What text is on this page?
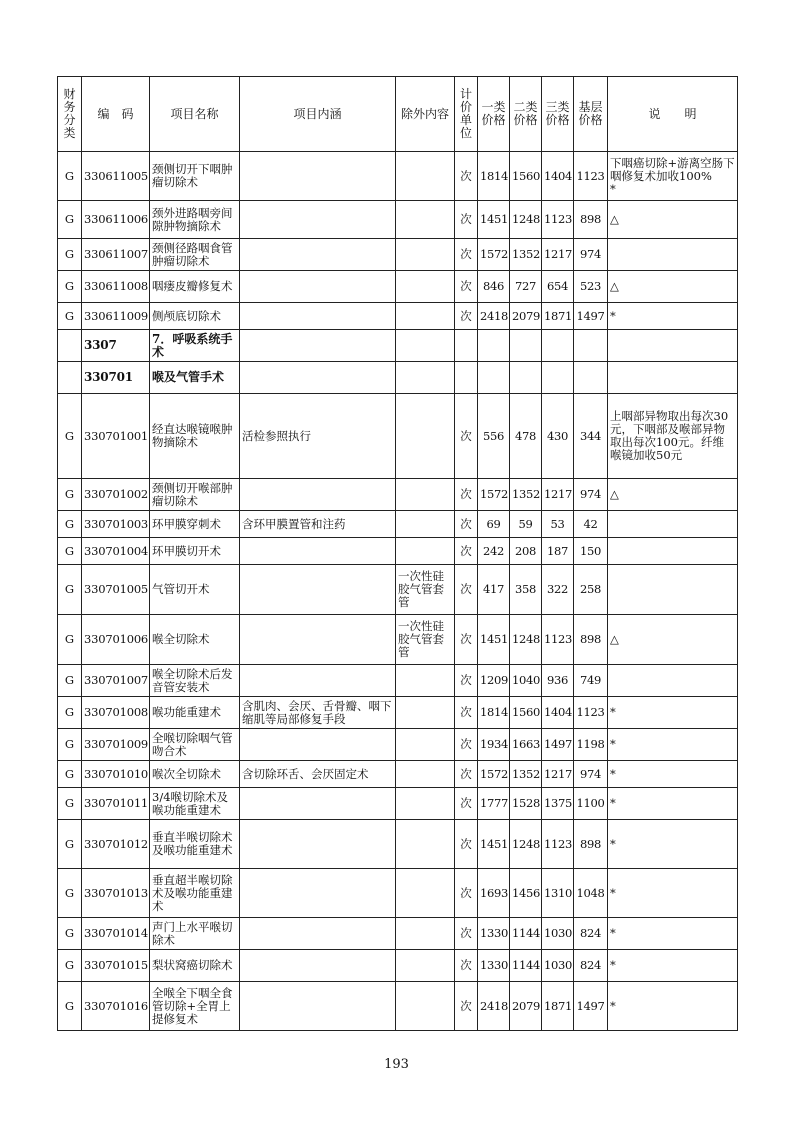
财务分类	编　码	项目名称	项目内涵	除外内容	计价单位	一类价格	二类价格	三类价格	基层价格	说　　明
G	330611005	颈侧切开下咽肿瘤切除术			次	1814	1560	1404	1123	下咽癌切除+游离空肠下咽修复术加收100%　　*
G	330611006	颈外进路咽旁间隙肿物摘除术			次	1451	1248	1123	898	△
G	330611007	颈侧径路咽食管肿瘤切除术			次	1572	1352	1217	974	
G	330611008	咽瘘皮瓣修复术			次	846	727	654	523	△
G	330611009	侧颅底切除术			次	2418	2079	1871	1497	*
	3307	7．呼吸系统手术								
	330701	喉及气管手术								
G	330701001	经直达喉镜喉肿物摘除术	活检参照执行		次	556	478	430	344	上咽部异物取出每次30元，下咽部及喉部异物取出每次100元。纤维喉镜加收50元
G	330701002	颈侧切开喉部肿瘤切除术			次	1572	1352	1217	974	△
G	330701003	环甲膜穿刺术	含环甲膜置管和注药		次	69	59	53	42	
G	330701004	环甲膜切开术			次	242	208	187	150	
G	330701005	气管切开术		一次性硅胶气管套管	次	417	358	322	258	
G	330701006	喉全切除术		一次性硅胶气管套管	次	1451	1248	1123	898	△
G	330701007	喉全切除术后发音管安装术			次	1209	1040	936	749	
G	330701008	喉功能重建术	含肌肉、会厌、舌骨瓣、咽下缩肌等局部修复手段		次	1814	1560	1404	1123	*
G	330701009	全喉切除咽气管吻合术			次	1934	1663	1497	1198	*
G	330701010	喉次全切除术	含切除环舌、会厌固定术		次	1572	1352	1217	974	*
G	330701011	3/4喉切除术及喉功能重建术			次	1777	1528	1375	1100	*
G	330701012	垂直半喉切除术及喉功能重建术			次	1451	1248	1123	898	*
G	330701013	垂直超半喉切除术及喉功能重建术			次	1693	1456	1310	1048	*
G	330701014	声门上水平喉切除术			次	1330	1144	1030	824	*
G	330701015	梨状窝癌切除术			次	1330	1144	1030	824	*
G	330701016	全喉全下咽全食管切除+全胃上提修复术			次	2418	2079	1871	1497	*
193
